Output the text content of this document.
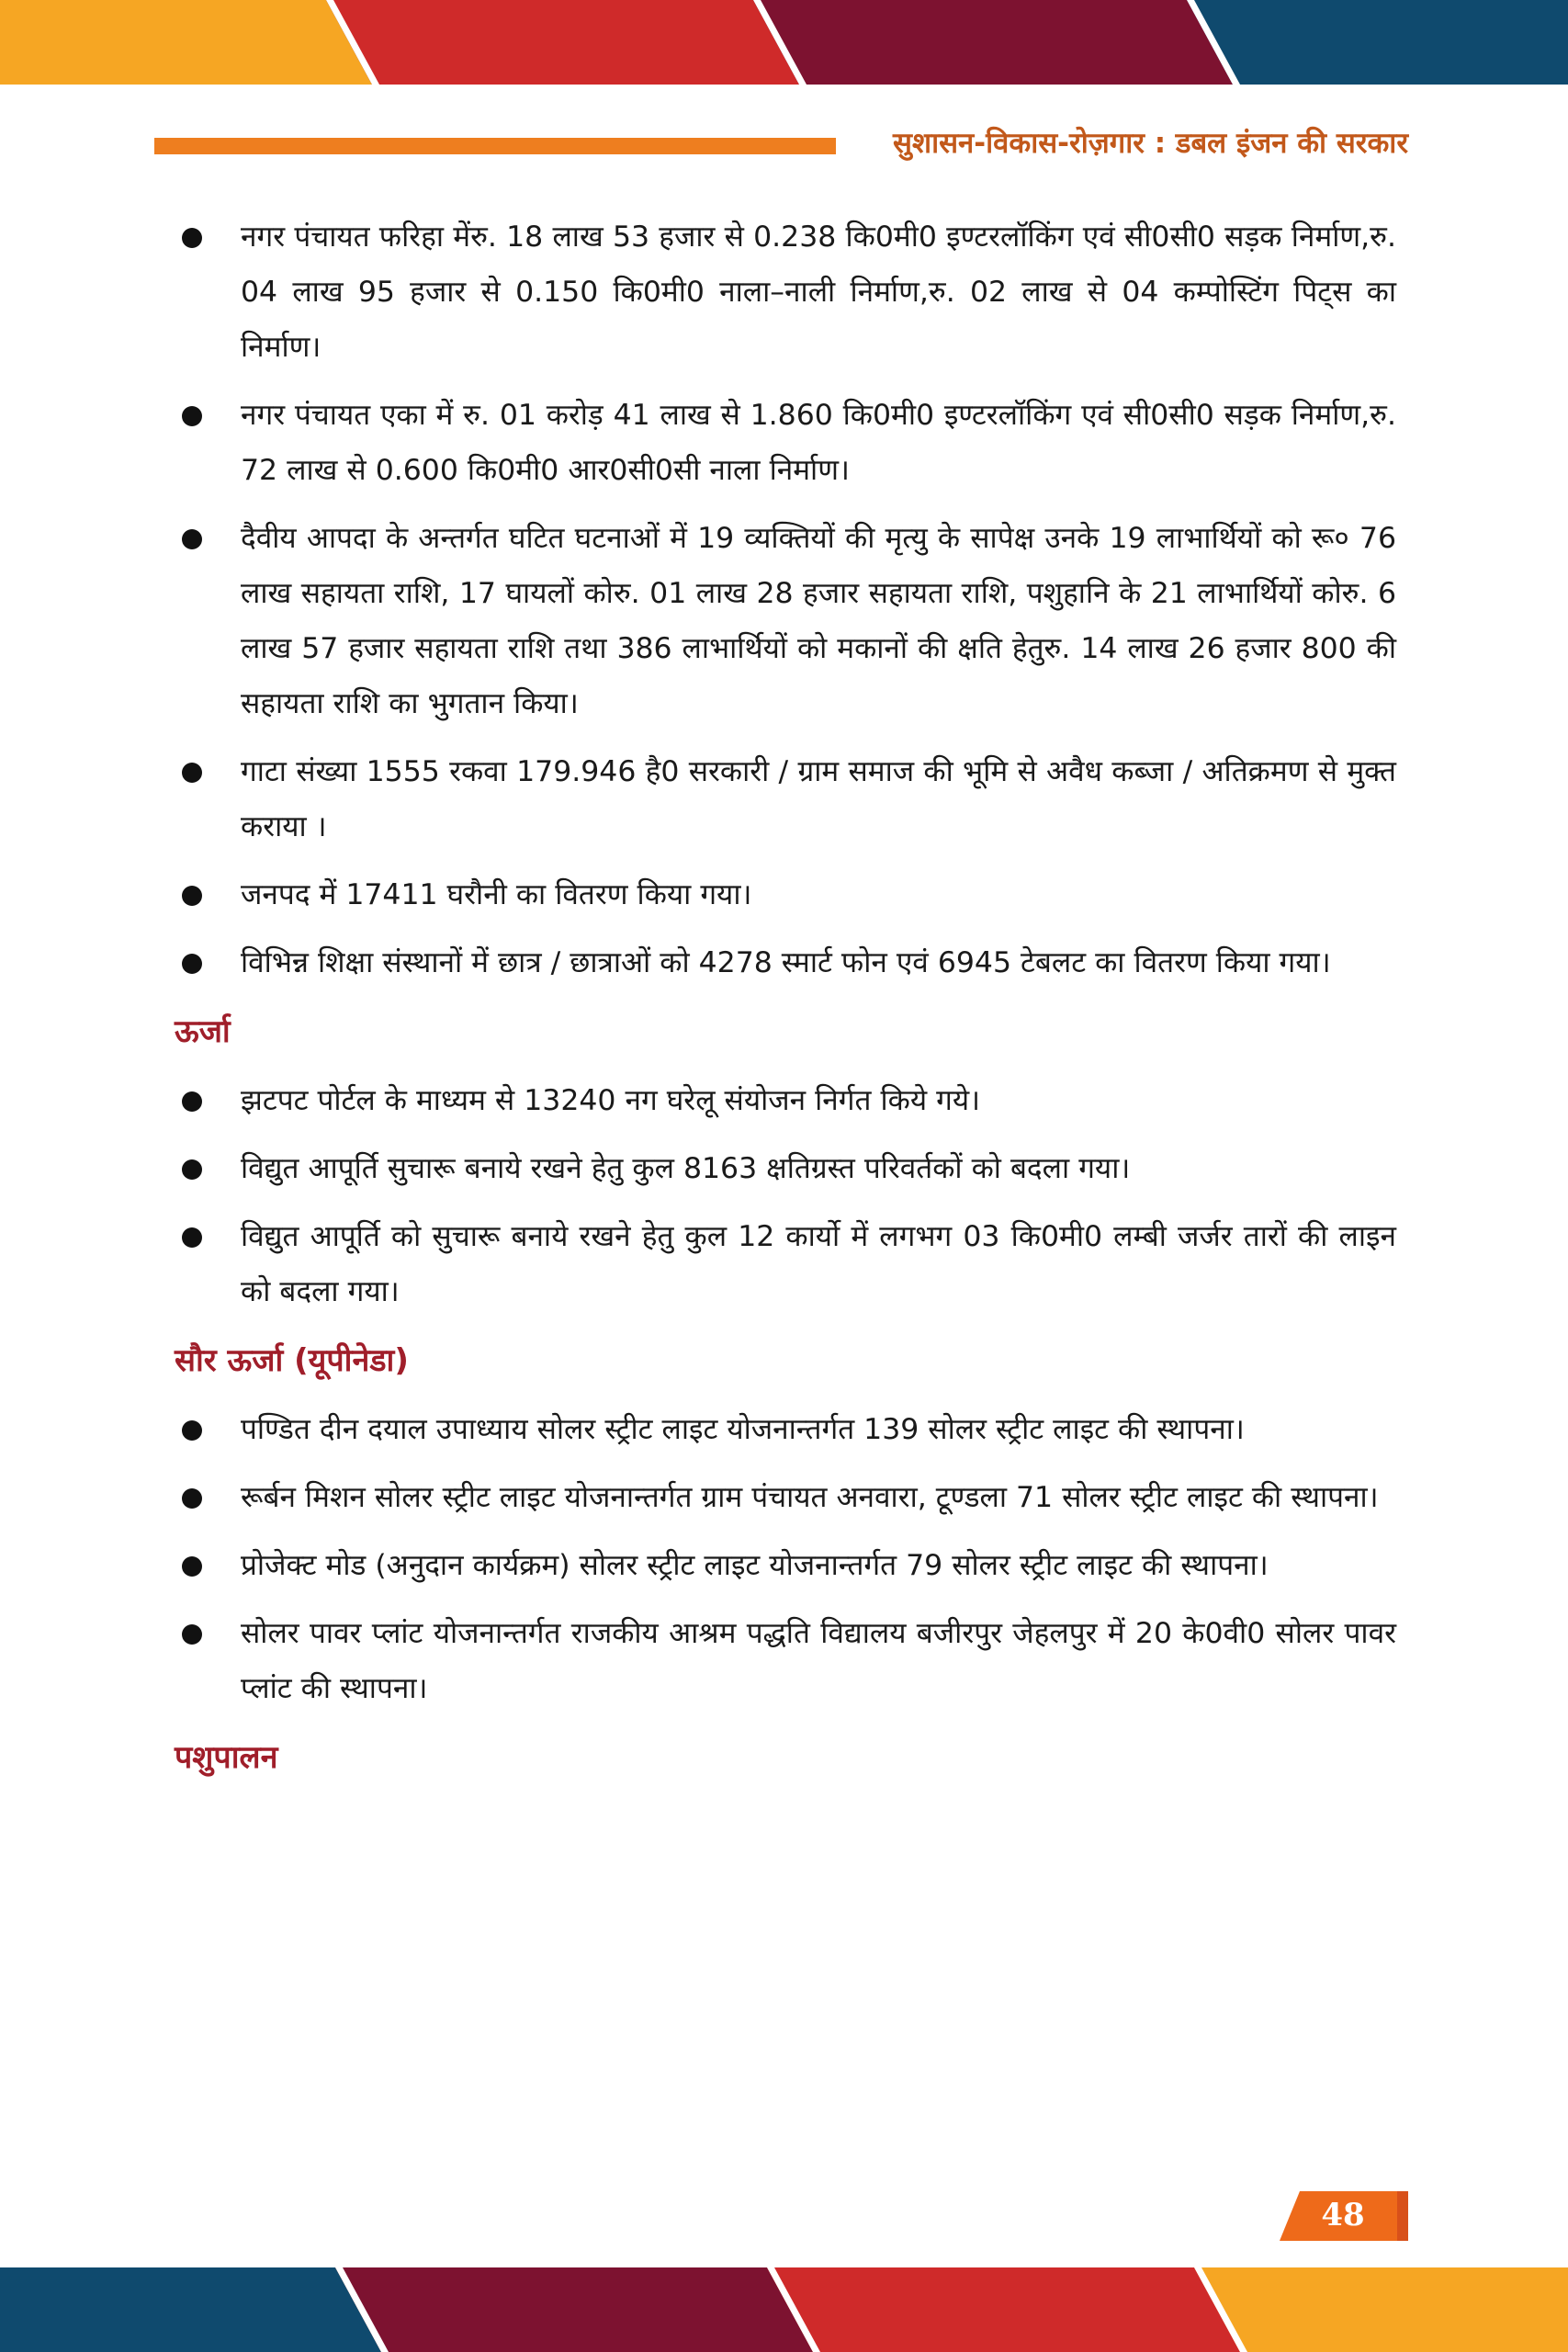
सुशासन-विकास-रोज़गार : डबल इंजन की सरकार
नगर पंचायत फरिहा मेंरु. 18 लाख 53 हजार से 0.238 कि0मी0 इण्टरलॉकिंग एवं सी0सी0 सड़क निर्माण,रु. 04 लाख 95 हजार से 0.150 कि0मी0 नाला–नाली निर्माण,रु. 02 लाख से 04 कम्पोस्टिंग पिट्स का निर्माण।
नगर पंचायत एका में रु. 01 करोड़ 41 लाख से 1.860 कि0मी0 इण्टरलॉकिंग एवं सी0सी0 सड़क निर्माण,रु. 72 लाख से 0.600 कि0मी0 आर0सी0सी नाला निर्माण।
दैवीय आपदा के अन्तर्गत घटित घटनाओं में 19 व्यक्तियों की मृत्यु के सापेक्ष उनके 19 लाभार्थियों को रू० 76 लाख सहायता राशि, 17 घायलों कोरु. 01 लाख 28 हजार सहायता राशि, पशुहानि के 21 लाभार्थियों कोरु. 6 लाख 57 हजार सहायता राशि तथा 386 लाभार्थियों को मकानों की क्षति हेतुरु. 14 लाख 26 हजार 800 की सहायता राशि का भुगतान किया।
गाटा संख्या 1555 रकवा 179.946 है0 सरकारी / ग्राम समाज की भूमि से अवैध कब्जा / अतिक्रमण से मुक्त कराया ।
जनपद में 17411 घरौनी का वितरण किया गया।
विभिन्न शिक्षा संस्थानों में छात्र / छात्राओं को 4278 स्मार्ट फोन एवं 6945 टेबलट का वितरण किया गया।
ऊर्जा
झटपट पोर्टल के माध्यम से 13240 नग घरेलू संयोजन निर्गत किये गये।
विद्युत आपूर्ति सुचारू बनाये रखने हेतु कुल 8163 क्षतिग्रस्त परिवर्तकों को बदला गया।
विद्युत आपूर्ति को सुचारू बनाये रखने हेतु कुल 12 कार्यो में लगभग 03 कि0मी0 लम्बी जर्जर तारों की लाइन को बदला गया।
सौर ऊर्जा (यूपीनेडा)
पण्डित दीन दयाल उपाध्याय सोलर स्ट्रीट लाइट योजनान्तर्गत 139 सोलर स्ट्रीट लाइट की स्थापना।
रूर्बन मिशन सोलर स्ट्रीट लाइट योजनान्तर्गत ग्राम पंचायत अनवारा, टूण्डला 71 सोलर स्ट्रीट लाइट की स्थापना।
प्रोजेक्ट मोड (अनुदान कार्यक्रम) सोलर स्ट्रीट लाइट योजनान्तर्गत 79 सोलर स्ट्रीट लाइट की स्थापना।
सोलर पावर प्लांट योजनान्तर्गत राजकीय आश्रम पद्धति विद्यालय बजीरपुर जेहलपुर में 20 के0वी0 सोलर पावर प्लांट की स्थापना।
पशुपालन
48
